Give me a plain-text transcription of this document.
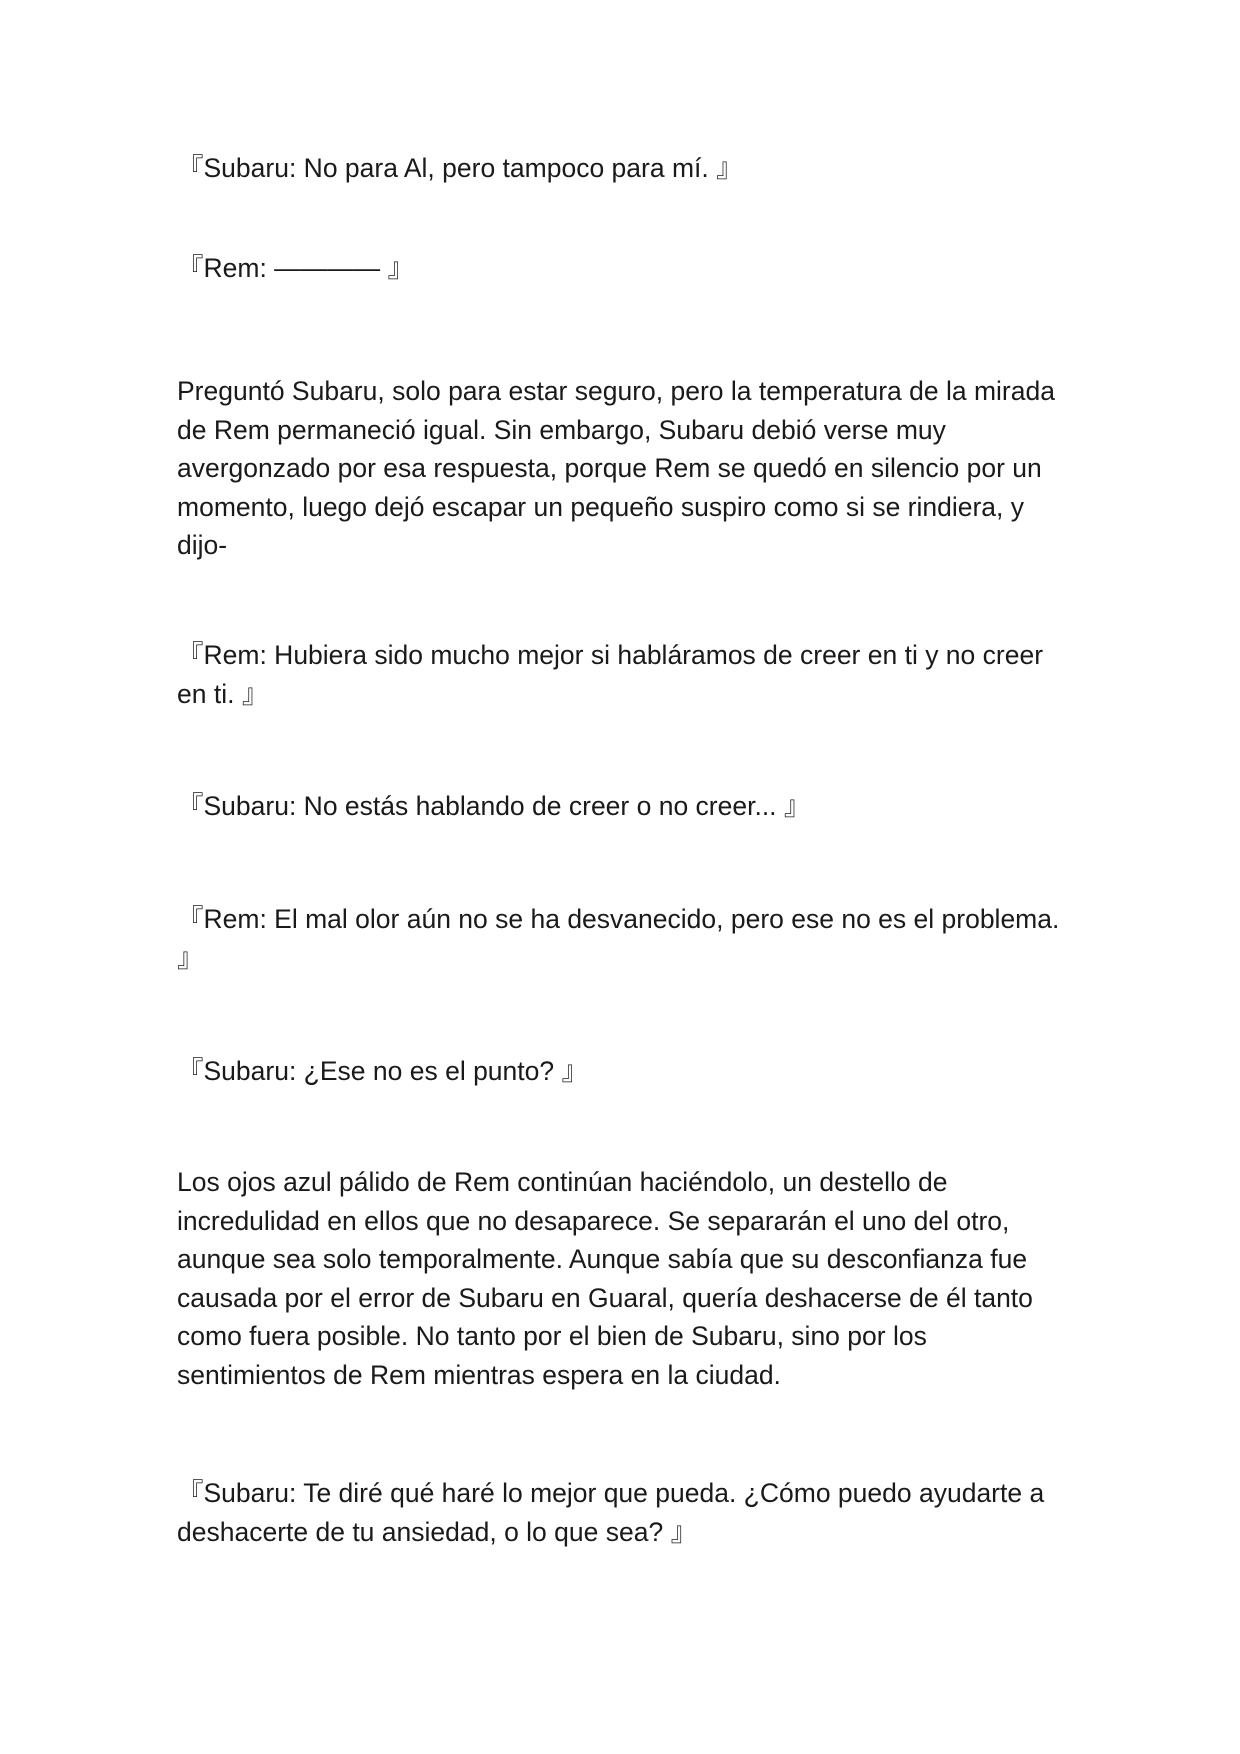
『Subaru: No para Al, pero tampoco para mí. 』

『Rem: ———— 』

Preguntó Subaru, solo para estar seguro, pero la temperatura de la mirada de Rem permaneció igual. Sin embargo, Subaru debió verse muy avergonzado por esa respuesta, porque Rem se quedó en silencio por un momento, luego dejó escapar un pequeño suspiro como si se rindiera, y dijo-

『Rem: Hubiera sido mucho mejor si habláramos de creer en ti y no creer en ti. 』

『Subaru: No estás hablando de creer o no creer... 』

『Rem: El mal olor aún no se ha desvanecido, pero ese no es el problema. 』

『Subaru: ¿Ese no es el punto? 』

Los ojos azul pálido de Rem continúan haciéndolo, un destello de incredulidad en ellos que no desaparece. Se separarán el uno del otro, aunque sea solo temporalmente. Aunque sabía que su desconfianza fue causada por el error de Subaru en Guaral, quería deshacerse de él tanto como fuera posible. No tanto por el bien de Subaru, sino por los sentimientos de Rem mientras espera en la ciudad.

『Subaru: Te diré qué haré lo mejor que pueda. ¿Cómo puedo ayudarte a deshacerte de tu ansiedad, o lo que sea? 』
